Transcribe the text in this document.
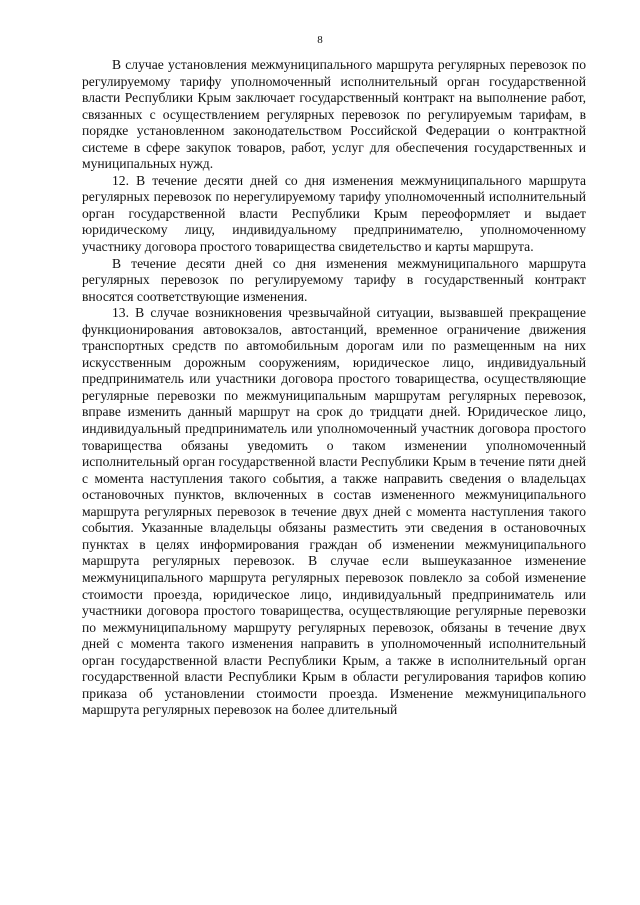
8

В случае установления межмуниципального маршрута регулярных перевозок по регулируемому тарифу уполномоченный исполнительный орган государственной власти Республики Крым заключает государственный контракт на выполнение работ, связанных с осуществлением регулярных перевозок по регулируемым тарифам, в порядке установленном законодательством Российской Федерации о контрактной системе в сфере закупок товаров, работ, услуг для обеспечения государственных и муниципальных нужд.

12. В течение десяти дней со дня изменения межмуниципального маршрута регулярных перевозок по нерегулируемому тарифу уполномоченный исполнительный орган государственной власти Республики Крым переоформляет и выдает юридическому лицу, индивидуальному предпринимателю, уполномоченному участнику договора простого товарищества свидетельство и карты маршрута.

В течение десяти дней со дня изменения межмуниципального маршрута регулярных перевозок по регулируемому тарифу в государственный контракт вносятся соответствующие изменения.

13. В случае возникновения чрезвычайной ситуации, вызвавшей прекращение функционирования автовокзалов, автостанций, временное ограничение движения транспортных средств по автомобильным дорогам или по размещенным на них искусственным дорожным сооружениям, юридическое лицо, индивидуальный предприниматель или участники договора простого товарищества, осуществляющие регулярные перевозки по межмуниципальным маршрутам регулярных перевозок, вправе изменить данный маршрут на срок до тридцати дней. Юридическое лицо, индивидуальный предприниматель или уполномоченный участник договора простого товарищества обязаны уведомить о таком изменении уполномоченный исполнительный орган государственной власти Республики Крым в течение пяти дней с момента наступления такого события, а также направить сведения о владельцах остановочных пунктов, включенных в состав измененного межмуниципального маршрута регулярных перевозок в течение двух дней с момента наступления такого события. Указанные владельцы обязаны разместить эти сведения в остановочных пунктах в целях информирования граждан об изменении межмуниципального маршрута регулярных перевозок. В случае если вышеуказанное изменение межмуниципального маршрута регулярных перевозок повлекло за собой изменение стоимости проезда, юридическое лицо, индивидуальный предприниматель или участники договора простого товарищества, осуществляющие регулярные перевозки по межмуниципальному маршруту регулярных перевозок, обязаны в течение двух дней с момента такого изменения направить в уполномоченный исполнительный орган государственной власти Республики Крым, а также в исполнительный орган государственной власти Республики Крым в области регулирования тарифов копию приказа об установлении стоимости проезда. Изменение межмуниципального маршрута регулярных перевозок на более длительный
